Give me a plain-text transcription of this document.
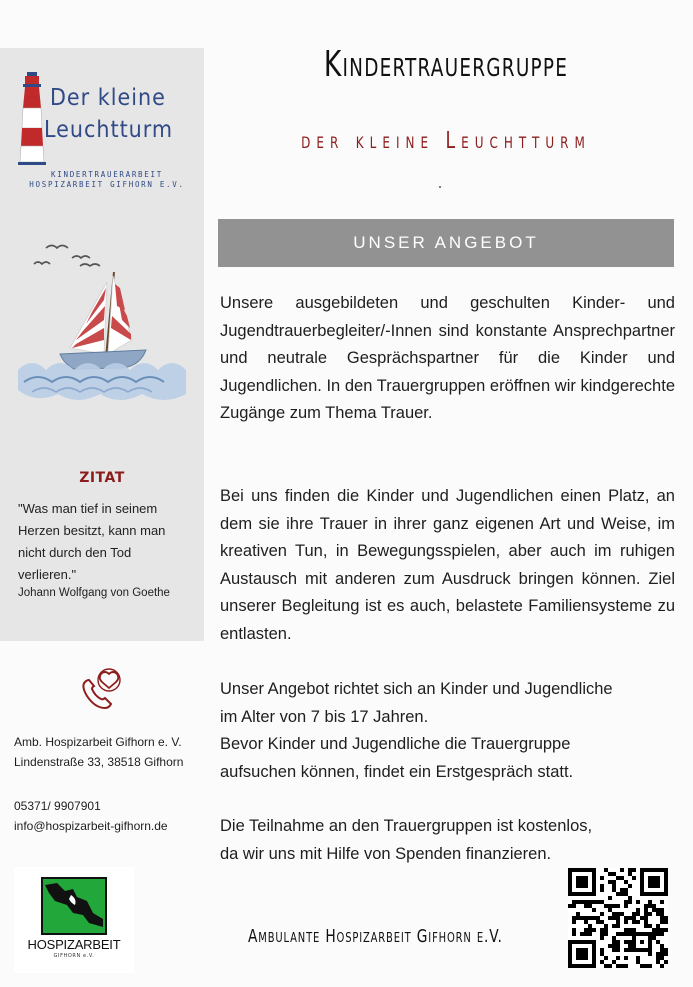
Der kleine
Leuchtturm
KINDERTRAUERARBEIT
HOSPIZARBEIT GIFHORN E.V.
ZITAT
"Was man tief in seinem
Herzen besitzt, kann man
nicht durch den Tod
verlieren."
Johann Wolfgang von Goethe
Amb. Hospizarbeit Gifhorn e. V.
Lindenstraße 33, 38518 Gifhorn
05371/ 9907901
info@hospizarbeit-gifhorn.de
HOSPIZARBEIT
GIFHORN e.V.
Kindertrauergruppe
der kleine Leuchtturm
UNSER ANGEBOT
Unsere ausgebildeten und geschulten Kinder- und Jugendtrauerbegleiter/-Innen sind konstante Ansprechpartner und neutrale Gesprächspartner für die Kinder und Jugendlichen. In den Trauergruppen eröffnen wir kindgerechte Zugänge zum Thema Trauer.
Bei uns finden die Kinder und Jugendlichen einen Platz, an dem sie ihre Trauer in ihrer ganz eigenen Art und Weise, im kreativen Tun, in Bewegungsspielen, aber auch im ruhigen Austausch mit anderen zum Ausdruck bringen können. Ziel unserer Begleitung ist es auch, belastete Familiensysteme zu entlasten.
Unser Angebot richtet sich an Kinder und Jugendliche
im Alter von 7 bis 17 Jahren.
Bevor Kinder und Jugendliche die Trauergruppe
aufsuchen können, findet ein Erstgespräch statt.
Die Teilnahme an den Trauergruppen ist kostenlos,
da wir uns mit Hilfe von Spenden finanzieren.
Ambulante Hospizarbeit Gifhorn e.V.
